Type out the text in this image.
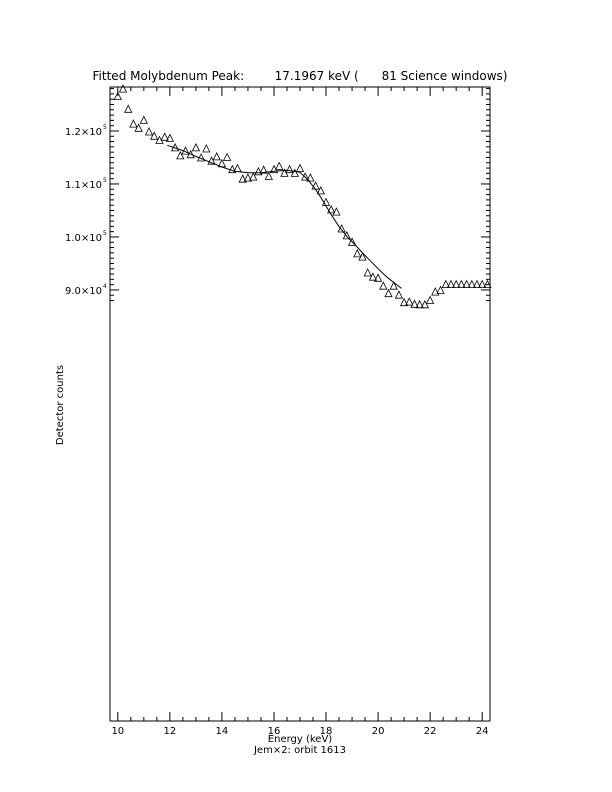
Fitted Molybdenum Peak:        17.1967 keV (      81 Science windows)
10	12	14	16	18	20	22	24
9.0×10 4
1.0×10 5
1.1×10 5
1.2×10 5
Energy (keV)
Jem×2: orbit 1613
Detector counts
